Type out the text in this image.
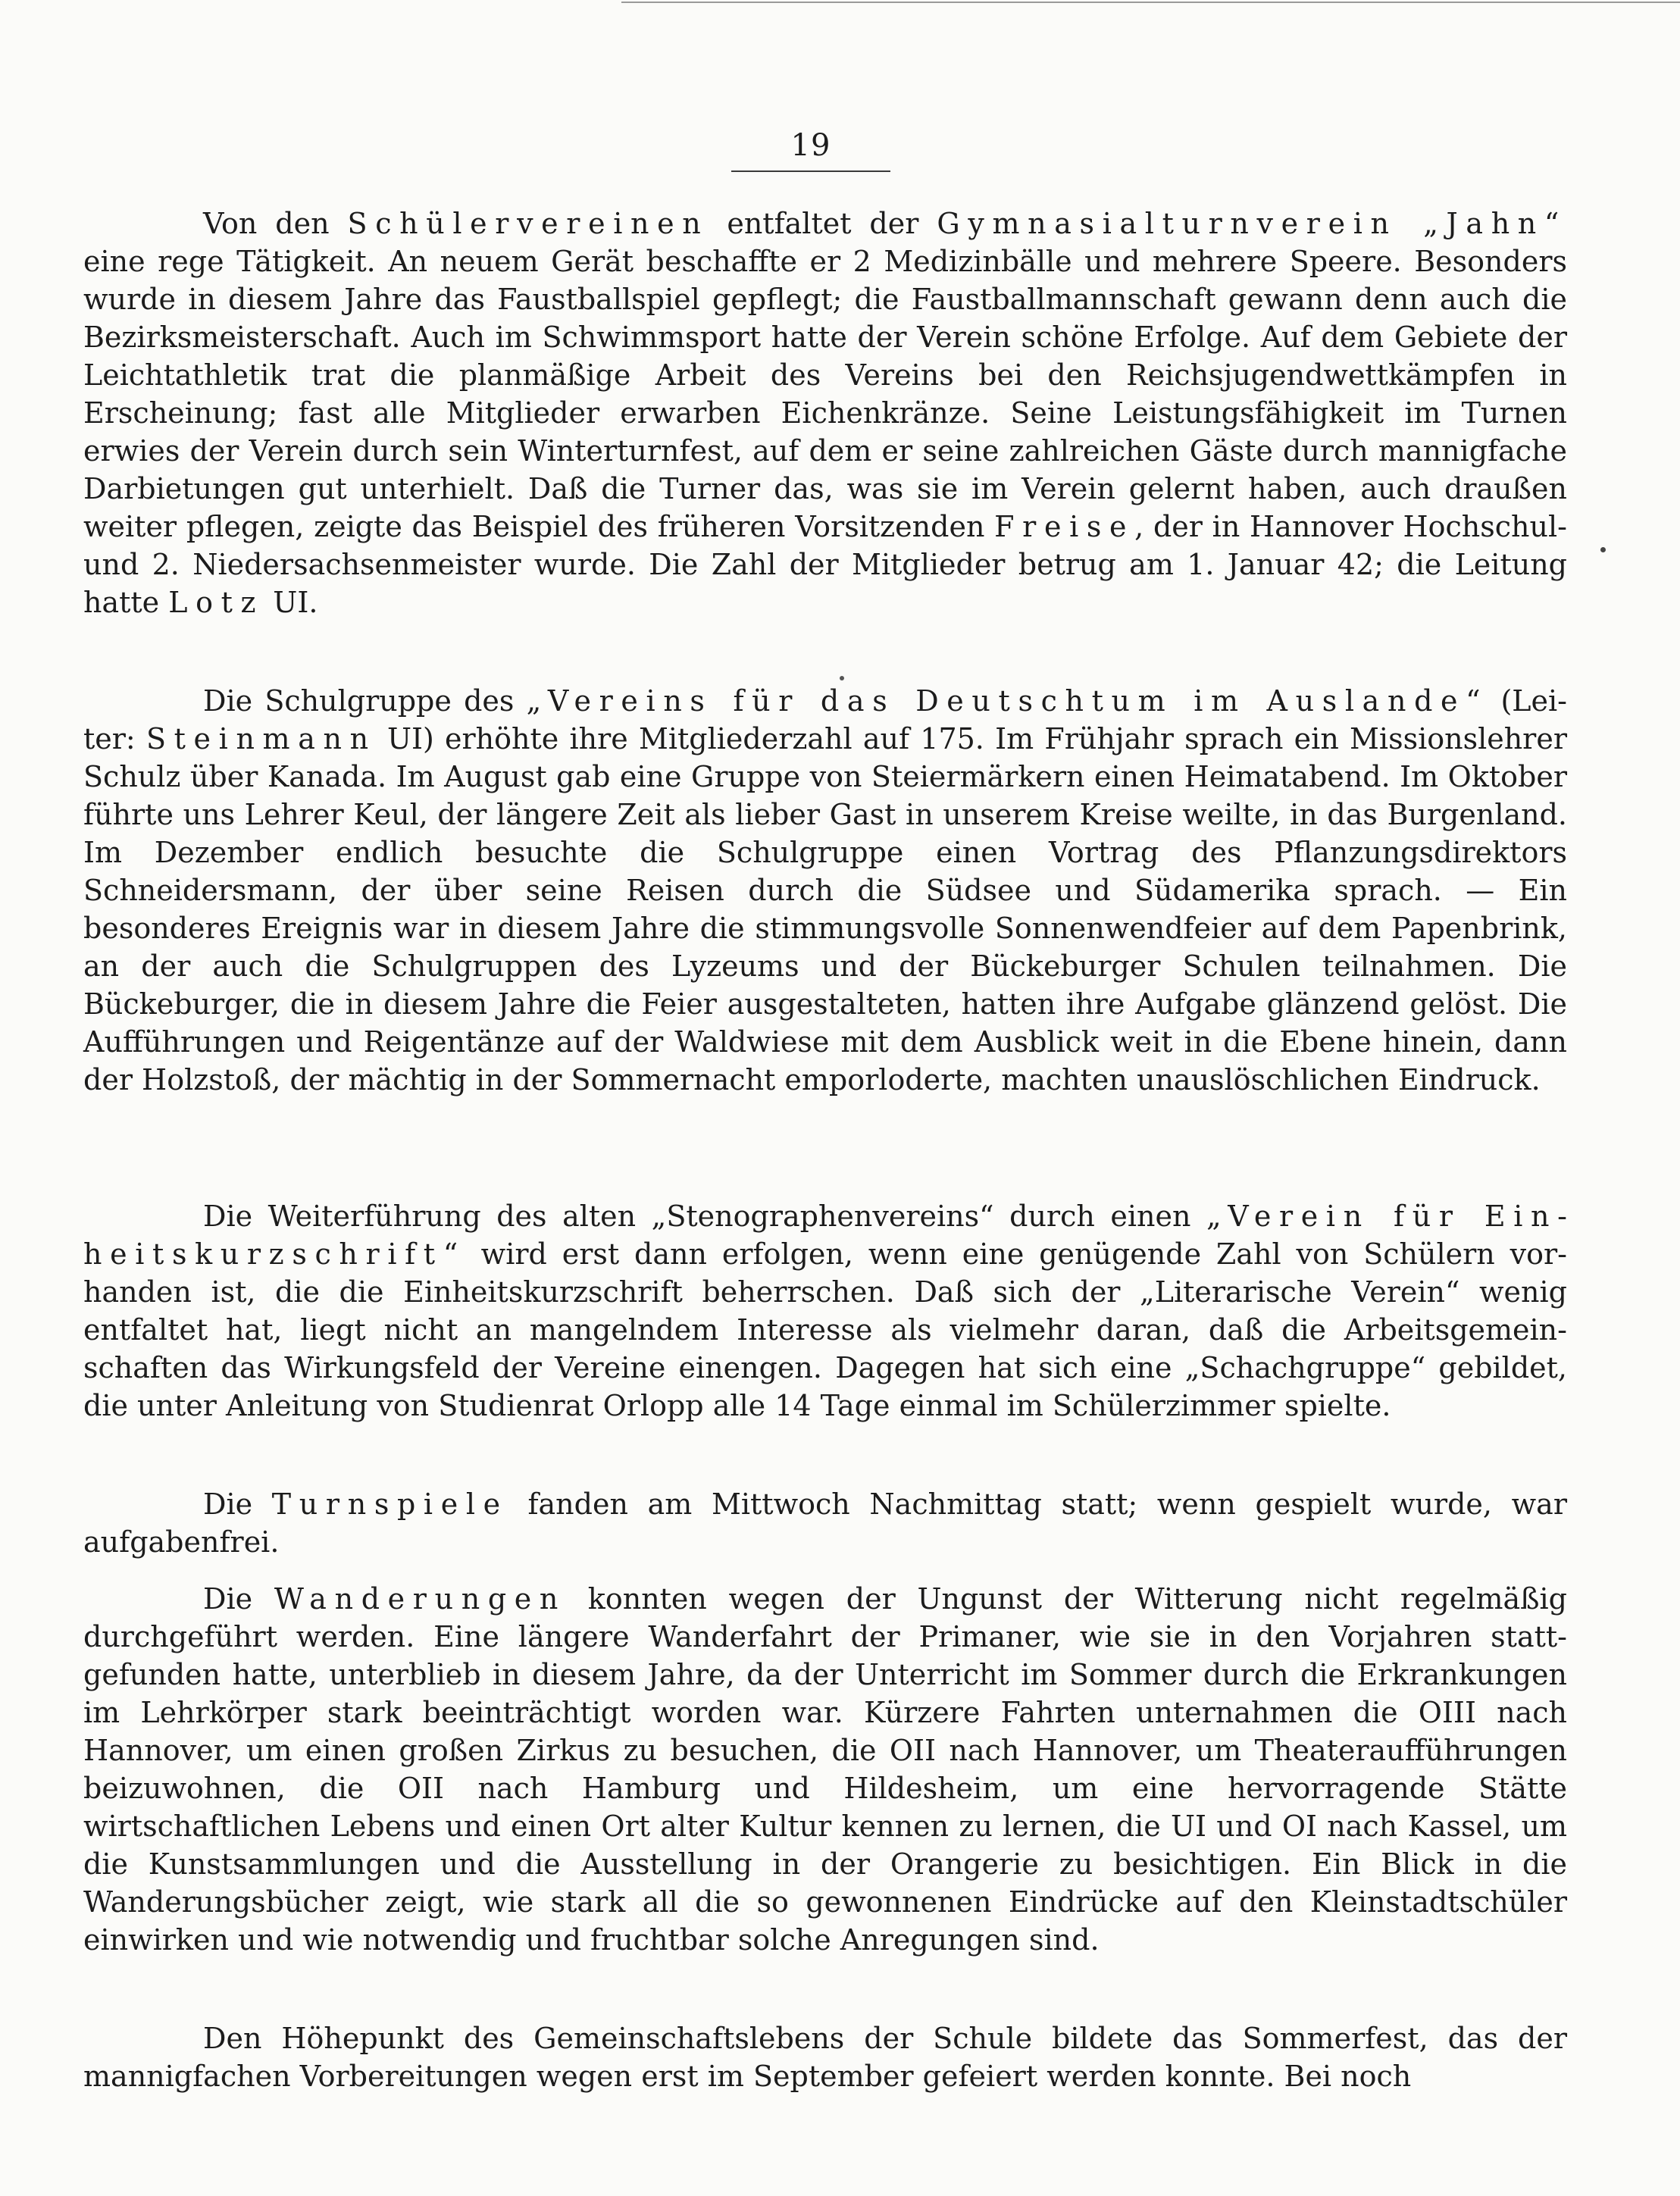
19

Von den Schülervereinen entfaltet der Gymnasialturnverein „Jahn“ eine rege Tätigkeit. An neuem Gerät beschaffte er 2 Medizinbälle und mehrere Speere. Besonders wurde in diesem Jahre das Faustballspiel gepflegt; die Faustballmannschaft gewann denn auch die Bezirksmeisterschaft. Auch im Schwimmsport hatte der Verein schöne Erfolge. Auf dem Gebiete der Leichtathletik trat die planmäßige Arbeit des Vereins bei den Reichsjugendwettkämpfen in Erscheinung; fast alle Mitglieder erwarben Eichenkränze. Seine Leistungsfähigkeit im Turnen erwies der Verein durch sein Winterturnfest, auf dem er seine zahlreichen Gäste durch mannigfache Darbietungen gut unterhielt. Daß die Turner das, was sie im Verein gelernt haben, auch draußen weiter pflegen, zeigte das Beispiel des früheren Vorsitzenden Freise, der in Hannover Hochschul- und 2. Niedersachsenmeister wurde. Die Zahl der Mitglieder betrug am 1. Januar 42; die Leitung hatte Lotz UI.

Die Schulgruppe des „Vereins für das Deutschtum im Auslande“ (Leiter: Steinmann UI) erhöhte ihre Mitgliederzahl auf 175. Im Frühjahr sprach ein Missionslehrer Schulz über Kanada. Im August gab eine Gruppe von Steiermärkern einen Heimatabend. Im Oktober führte uns Lehrer Keul, der längere Zeit als lieber Gast in unserem Kreise weilte, in das Burgenland. Im Dezember endlich besuchte die Schulgruppe einen Vortrag des Pflanzungsdirektors Schneidersmann, der über seine Reisen durch die Südsee und Südamerika sprach. — Ein besonderes Ereignis war in diesem Jahre die stimmungsvolle Sonnenwendfeier auf dem Papenbrink, an der auch die Schulgruppen des Lyzeums und der Bückeburger Schulen teilnahmen. Die Bückeburger, die in diesem Jahre die Feier ausgestalteten, hatten ihre Aufgabe glänzend gelöst. Die Aufführungen und Reigentänze auf der Waldwiese mit dem Ausblick weit in die Ebene hinein, dann der Holzstoß, der mächtig in der Sommernacht emporloderte, machten unauslöschlichen Eindruck.

Die Weiterführung des alten „Stenographenvereins“ durch einen „Verein für Einheitskurzschrift“ wird erst dann erfolgen, wenn eine genügende Zahl von Schülern vorhanden ist, die die Einheitskurzschrift beherrschen. Daß sich der „Literarische Verein“ wenig entfaltet hat, liegt nicht an mangelndem Interesse als vielmehr daran, daß die Arbeitsgemeinschaften das Wirkungsfeld der Vereine einengen. Dagegen hat sich eine „Schachgruppe“ gebildet, die unter Anleitung von Studienrat Orlopp alle 14 Tage einmal im Schülerzimmer spielte.

Die Turnspiele fanden am Mittwoch Nachmittag statt; wenn gespielt wurde, war aufgabenfrei.

Die Wanderungen konnten wegen der Ungunst der Witterung nicht regelmäßig durchgeführt werden. Eine längere Wanderfahrt der Primaner, wie sie in den Vorjahren stattgefunden hatte, unterblieb in diesem Jahre, da der Unterricht im Sommer durch die Erkrankungen im Lehrkörper stark beeinträchtigt worden war. Kürzere Fahrten unternahmen die OIII nach Hannover, um einen großen Zirkus zu besuchen, die OII nach Hannover, um Theateraufführungen beizuwohnen, die OII nach Hamburg und Hildesheim, um eine hervorragende Stätte wirtschaftlichen Lebens und einen Ort alter Kultur kennen zu lernen, die UI und OI nach Kassel, um die Kunstsammlungen und die Ausstellung in der Orangerie zu besichtigen. Ein Blick in die Wanderungsbücher zeigt, wie stark all die so gewonnenen Eindrücke auf den Kleinstadtschüler einwirken und wie notwendig und fruchtbar solche Anregungen sind.

Den Höhepunkt des Gemeinschaftslebens der Schule bildete das Sommerfest, das der mannigfachen Vorbereitungen wegen erst im September gefeiert werden konnte. Bei noch
